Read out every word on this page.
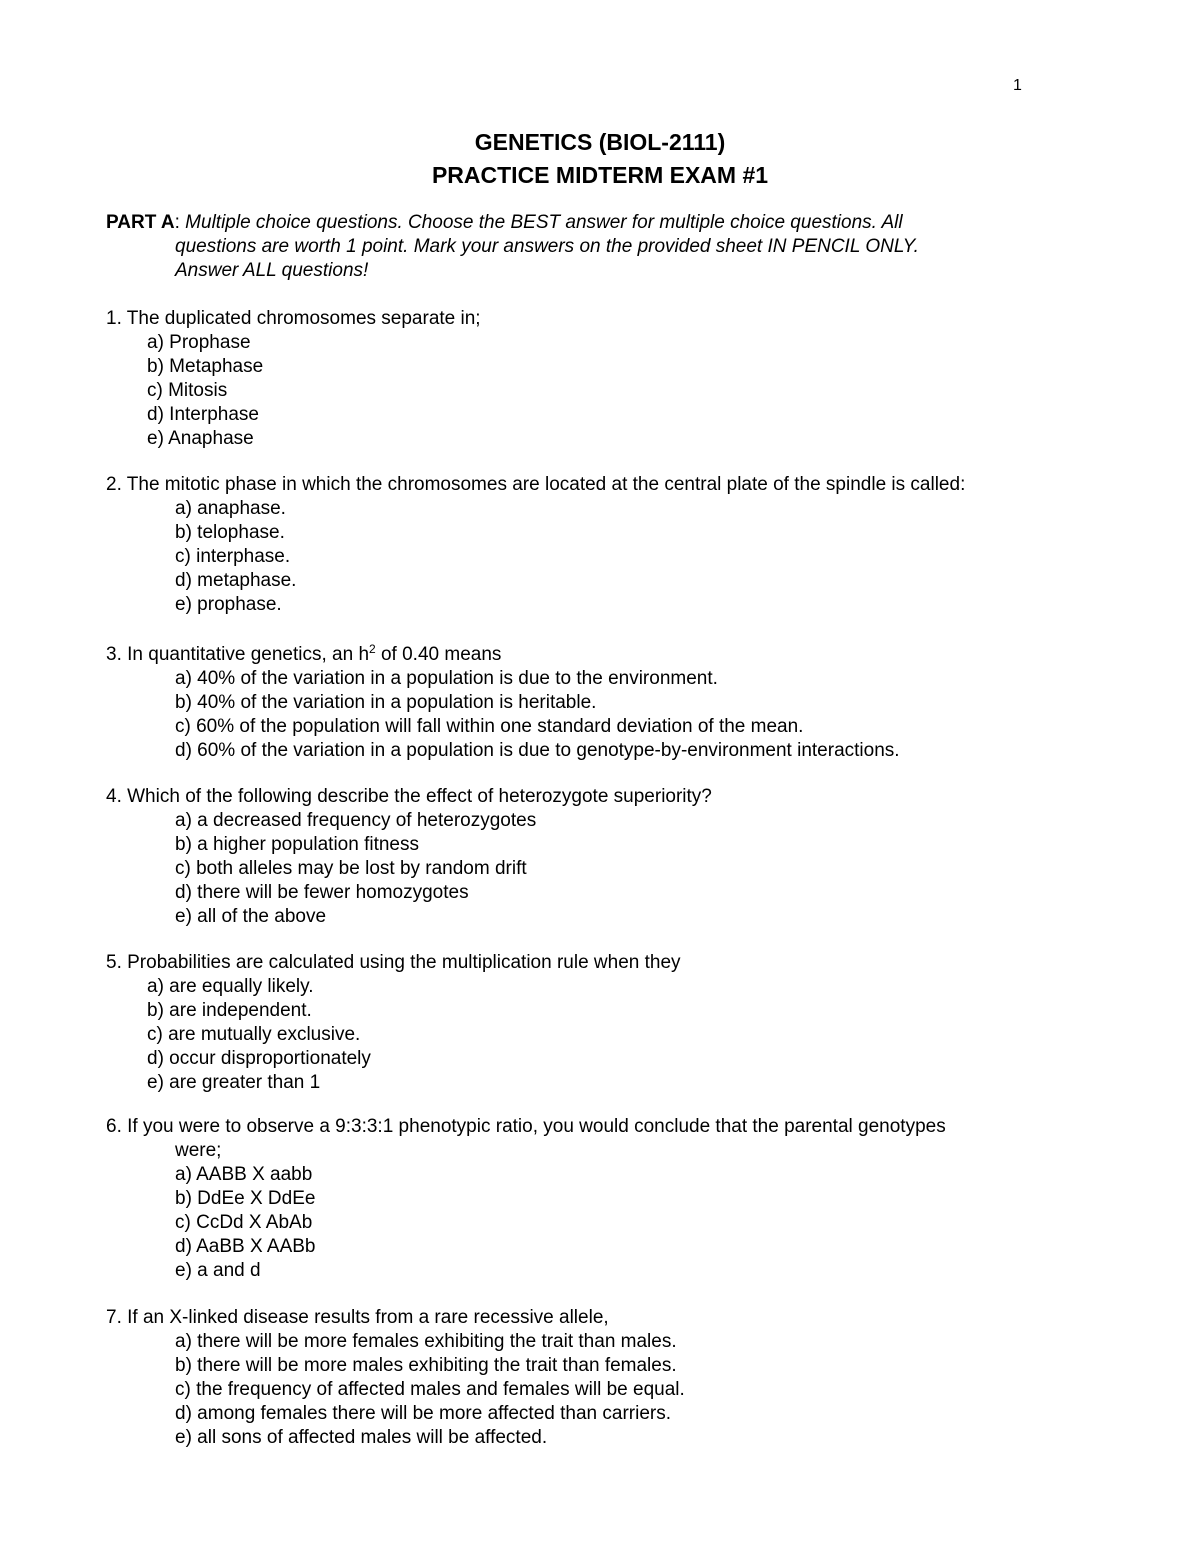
1
GENETICS (BIOL-2111)
PRACTICE MIDTERM EXAM #1
PART A: Multiple choice questions. Choose the BEST answer for multiple choice questions. All
questions are worth 1 point. Mark your answers on the provided sheet IN PENCIL ONLY.
Answer ALL questions!
1. The duplicated chromosomes separate in;
a) Prophase
b) Metaphase
c) Mitosis
d) Interphase
e) Anaphase
2. The mitotic phase in which the chromosomes are located at the central plate of the spindle is called:
a) anaphase.
b) telophase.
c) interphase.
d) metaphase.
e) prophase.
3. In quantitative genetics, an $h^2$ of 0.40 means
a) 40% of the variation in a population is due to the environment.
b) 40% of the variation in a population is heritable.
c) 60% of the population will fall within one standard deviation of the mean.
d) 60% of the variation in a population is due to genotype-by-environment interactions.
4. Which of the following describe the effect of heterozygote superiority?
a) a decreased frequency of heterozygotes
b) a higher population fitness
c) both alleles may be lost by random drift
d) there will be fewer homozygotes
e) all of the above
5. Probabilities are calculated using the multiplication rule when they
a) are equally likely.
b) are independent.
c) are mutually exclusive.
d) occur disproportionately
e) are greater than 1
6. If you were to observe a 9:3:3:1 phenotypic ratio, you would conclude that the parental genotypes
were;
a) AABB X aabb
b) DdEe X DdEe
c) CcDd X AbAb
d) AaBB X AABb
e) a and d
7. If an X-linked disease results from a rare recessive allele,
a) there will be more females exhibiting the trait than males.
b) there will be more males exhibiting the trait than females.
c) the frequency of affected males and females will be equal.
d) among females there will be more affected than carriers.
e) all sons of affected males will be affected.
